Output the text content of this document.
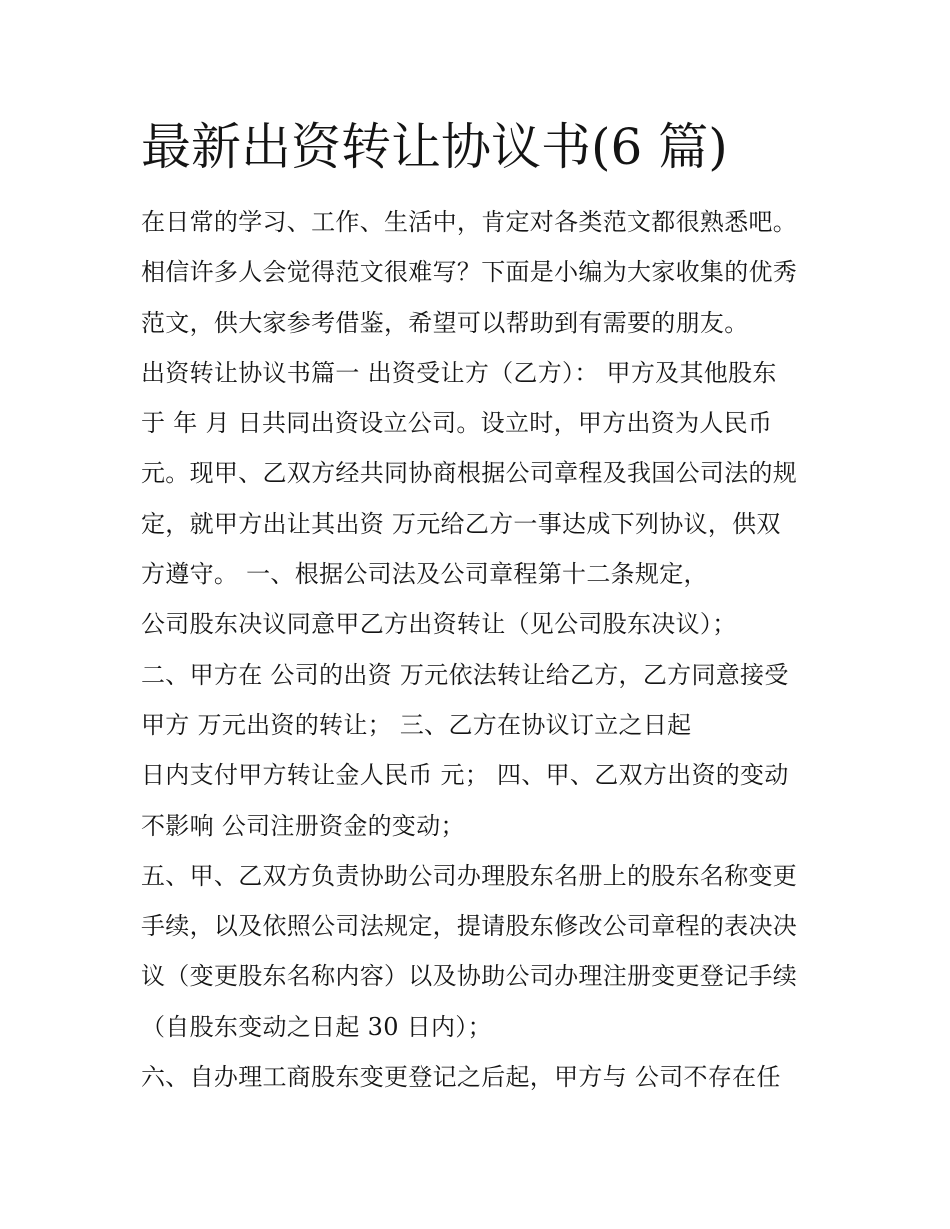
最新出资转让协议书(6 篇)

在日常的学习、工作、生活中，肯定对各类范文都很熟悉吧。

相信许多人会觉得范文很难写？下面是小编为大家收集的优秀

范文，供大家参考借鉴，希望可以帮助到有需要的朋友。

出资转让协议书篇一 出资受让方（乙方）： 甲方及其他股东

于 年 月 日共同出资设立公司。设立时，甲方出资为人民币

元。现甲、乙双方经共同协商根据公司章程及我国公司法的规

定，就甲方出让其出资 万元给乙方一事达成下列协议，供双

方遵守。 一、根据公司法及公司章程第十二条规定，

公司股东决议同意甲乙方出资转让（见公司股东决议）；

二、甲方在 公司的出资 万元依法转让给乙方，乙方同意接受

甲方 万元出资的转让； 三、乙方在协议订立之日起

日内支付甲方转让金人民币 元； 四、甲、乙双方出资的变动

不影响 公司注册资金的变动；

五、甲、乙双方负责协助公司办理股东名册上的股东名称变更

手续，以及依照公司法规定，提请股东修改公司章程的表决决

议（变更股东名称内容）以及协助公司办理注册变更登记手续

（自股东变动之日起 30 日内）；

六、自办理工商股东变更登记之后起，甲方与 公司不存在任
